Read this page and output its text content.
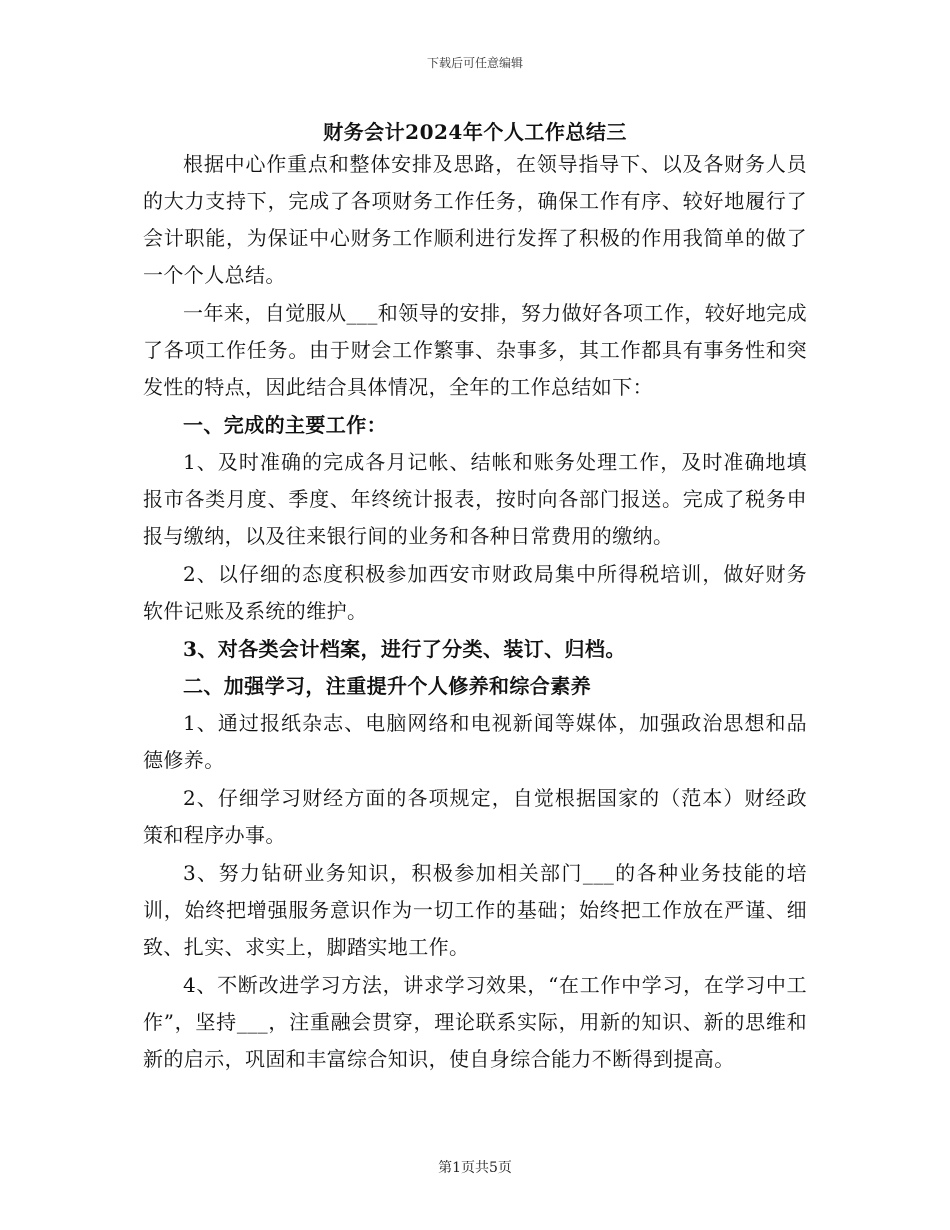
下载后可任意编辑
财务会计2024年个人工作总结三

根据中心作重点和整体安排及思路，在领导指导下、以及各财务人员的大力支持下，完成了各项财务工作任务，确保工作有序、较好地履行了会计职能，为保证中心财务工作顺利进行发挥了积极的作用我简单的做了一个个人总结。

一年来，自觉服从___和领导的安排，努力做好各项工作，较好地完成了各项工作任务。由于财会工作繁事、杂事多，其工作都具有事务性和突发性的特点，因此结合具体情况，全年的工作总结如下：

一、完成的主要工作：

1、及时准确的完成各月记帐、结帐和账务处理工作，及时准确地填报市各类月度、季度、年终统计报表，按时向各部门报送。完成了税务申报与缴纳，以及往来银行间的业务和各种日常费用的缴纳。

2、以仔细的态度积极参加西安市财政局集中所得税培训，做好财务软件记账及系统的维护。

3、对各类会计档案，进行了分类、装订、归档。

二、加强学习，注重提升个人修养和综合素养

1、通过报纸杂志、电脑网络和电视新闻等媒体，加强政治思想和品德修养。

2、仔细学习财经方面的各项规定，自觉根据国家的（范本）财经政策和程序办事。

3、努力钻研业务知识，积极参加相关部门___的各种业务技能的培训，始终把增强服务意识作为一切工作的基础；始终把工作放在严谨、细致、扎实、求实上，脚踏实地工作。

4、不断改进学习方法，讲求学习效果，“在工作中学习，在学习中工作”，坚持___，注重融会贯穿，理论联系实际，用新的知识、新的思维和新的启示，巩固和丰富综合知识，使自身综合能力不断得到提高。

第1页共5页
